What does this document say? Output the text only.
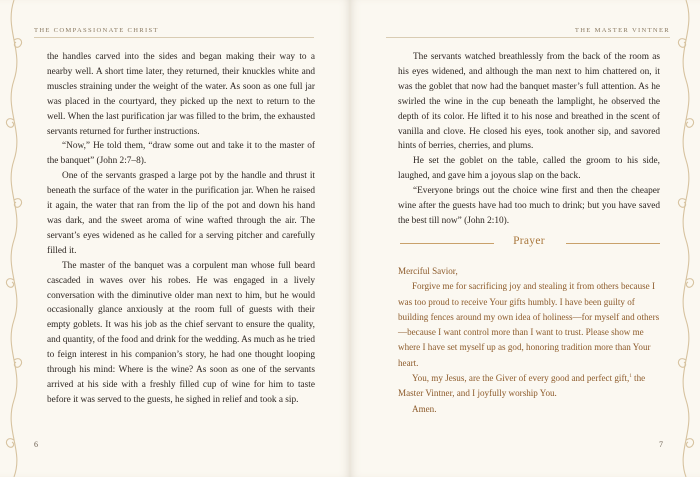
THE COMPASSIONATE CHRIST

the handles carved into the sides and began making their way to a nearby well. A short time later, they returned, their knuckles white and muscles straining under the weight of the water. As soon as one full jar was placed in the courtyard, they picked up the next to return to the well. When the last purification jar was filled to the brim, the exhausted servants returned for further instructions.

“Now,” He told them, “draw some out and take it to the master of the banquet” (John 2:7–8).

One of the servants grasped a large pot by the handle and thrust it beneath the surface of the water in the purification jar. When he raised it again, the water that ran from the lip of the pot and down his hand was dark, and the sweet aroma of wine wafted through the air. The servant’s eyes widened as he called for a serving pitcher and carefully filled it.

The master of the banquet was a corpulent man whose full beard cascaded in waves over his robes. He was engaged in a lively conversation with the diminutive older man next to him, but he would occasionally glance anxiously at the room full of guests with their empty goblets. It was his job as the chief servant to ensure the quality, and quantity, of the food and drink for the wedding. As much as he tried to feign interest in his companion’s story, he had one thought looping through his mind: Where is the wine? As soon as one of the servants arrived at his side with a freshly filled cup of wine for him to taste before it was served to the guests, he sighed in relief and took a sip.

6
THE MASTER VINTNER

The servants watched breathlessly from the back of the room as his eyes widened, and although the man next to him chattered on, it was the goblet that now had the banquet master’s full attention. As he swirled the wine in the cup beneath the lamplight, he observed the depth of its color. He lifted it to his nose and breathed in the scent of vanilla and clove. He closed his eyes, took another sip, and savored hints of berries, cherries, and plums.

He set the goblet on the table, called the groom to his side, laughed, and gave him a joyous slap on the back.

“Everyone brings out the choice wine first and then the cheaper wine after the guests have had too much to drink; but you have saved the best till now” (John 2:10).

Prayer

Merciful Savior,

Forgive me for sacrificing joy and stealing it from others because I was too proud to receive Your gifts humbly. I have been guilty of building fences around my own idea of holiness—for myself and others—because I want control more than I want to trust. Please show me where I have set myself up as god, honoring tradition more than Your heart.

You, my Jesus, are the Giver of every good and perfect gift,$^1$ the Master Vintner, and I joyfully worship You.

Amen.

7
